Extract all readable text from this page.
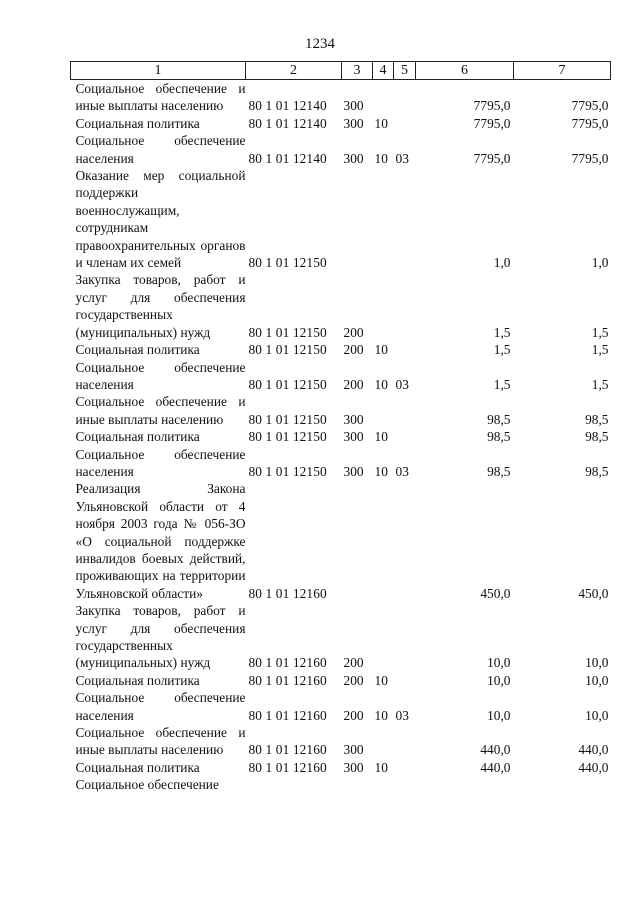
1234
1	2	3	4	5	6	7
Социальное обеспечение и иные выплаты населению	80 1 01 12140	300			7795,0	7795,0
Социальная политика	80 1 01 12140	300	10		7795,0	7795,0
Социальное обеспечение населения	80 1 01 12140	300	10	03	7795,0	7795,0
Оказание мер социальной поддержки военнослужащим, сотрудникам правоохранительных органов и членам их семей	80 1 01 12150				1,0	1,0
Закупка товаров, работ и услуг для обеспечения государственных (муниципальных) нужд	80 1 01 12150	200			1,5	1,5
Социальная политика	80 1 01 12150	200	10		1,5	1,5
Социальное обеспечение населения	80 1 01 12150	200	10	03	1,5	1,5
Социальное обеспечение и иные выплаты населению	80 1 01 12150	300			98,5	98,5
Социальная политика	80 1 01 12150	300	10		98,5	98,5
Социальное обеспечение населения	80 1 01 12150	300	10	03	98,5	98,5
Реализация Закона Ульяновской области от 4 ноября 2003 года № 056-ЗО «О социальной поддержке инвалидов боевых действий, проживающих на территории Ульяновской области»	80 1 01 12160				450,0	450,0
Закупка товаров, работ и услуг для обеспечения государственных (муниципальных) нужд	80 1 01 12160	200			10,0	10,0
Социальная политика	80 1 01 12160	200	10		10,0	10,0
Социальное обеспечение населения	80 1 01 12160	200	10	03	10,0	10,0
Социальное обеспечение и иные выплаты населению	80 1 01 12160	300			440,0	440,0
Социальная политика	80 1 01 12160	300	10		440,0	440,0
Социальное обеспечение						
